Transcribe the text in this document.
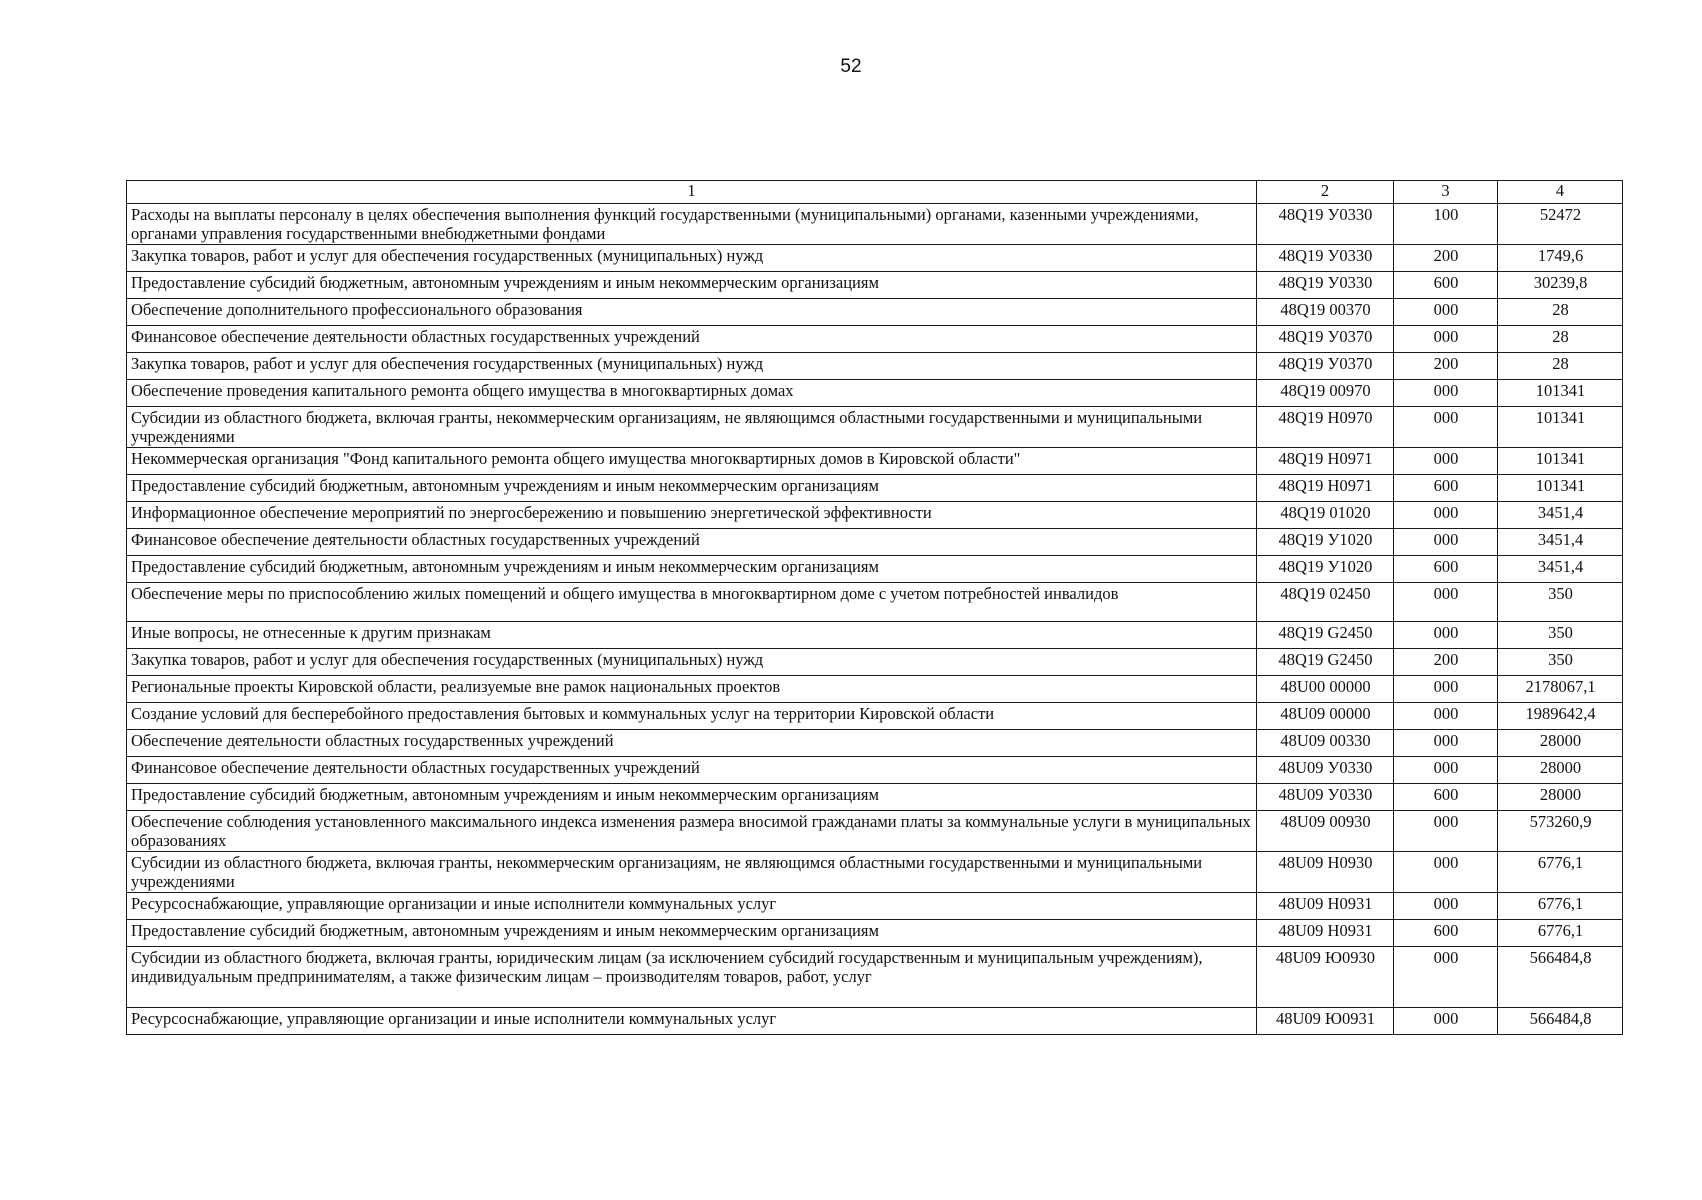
52
1	2	3	4
Расходы на выплаты персоналу в целях обеспечения выполнения функций государственными (муниципальными) органами, казенными учреждениями, органами управления государственными внебюджетными фондами	48Q19 У0330	100	52472
Закупка товаров, работ и услуг для обеспечения государственных (муниципальных) нужд	48Q19 У0330	200	1749,6
Предоставление субсидий бюджетным, автономным учреждениям и иным некоммерческим организациям	48Q19 У0330	600	30239,8
Обеспечение дополнительного профессионального образования	48Q19 00370	000	28
Финансовое обеспечение деятельности областных государственных учреждений	48Q19 У0370	000	28
Закупка товаров, работ и услуг для обеспечения государственных (муниципальных) нужд	48Q19 У0370	200	28
Обеспечение проведения капитального ремонта общего имущества в многоквартирных домах	48Q19 00970	000	101341
Субсидии из областного бюджета, включая гранты, некоммерческим организациям, не являющимся областными государственными и муниципальными учреждениями	48Q19 Н0970	000	101341
Некоммерческая организация "Фонд капитального ремонта общего имущества многоквартирных домов в Кировской области"	48Q19 Н0971	000	101341
Предоставление субсидий бюджетным, автономным учреждениям и иным некоммерческим организациям	48Q19 Н0971	600	101341
Информационное обеспечение мероприятий по энергосбережению и повышению энергетической эффективности	48Q19 01020	000	3451,4
Финансовое обеспечение деятельности областных государственных учреждений	48Q19 У1020	000	3451,4
Предоставление субсидий бюджетным, автономным учреждениям и иным некоммерческим организациям	48Q19 У1020	600	3451,4
Обеспечение меры по приспособлению жилых помещений и общего имущества в многоквартирном доме с учетом потребностей инвалидов	48Q19 02450	000	350
Иные вопросы, не отнесенные к другим признакам	48Q19 G2450	000	350
Закупка товаров, работ и услуг для обеспечения государственных (муниципальных) нужд	48Q19 G2450	200	350
Региональные проекты Кировской области, реализуемые вне рамок национальных проектов	48U00 00000	000	2178067,1
Создание условий для бесперебойного предоставления бытовых и коммунальных услуг на территории Кировской области	48U09 00000	000	1989642,4
Обеспечение деятельности областных государственных учреждений	48U09 00330	000	28000
Финансовое обеспечение деятельности областных государственных учреждений	48U09 У0330	000	28000
Предоставление субсидий бюджетным, автономным учреждениям и иным некоммерческим организациям	48U09 У0330	600	28000
Обеспечение соблюдения установленного максимального индекса изменения размера вносимой гражданами платы за коммунальные услуги в муниципальных образованиях	48U09 00930	000	573260,9
Субсидии из областного бюджета, включая гранты, некоммерческим организациям, не являющимся областными государственными и муниципальными учреждениями	48U09 Н0930	000	6776,1
Ресурсоснабжающие, управляющие организации и иные исполнители коммунальных услуг	48U09 Н0931	000	6776,1
Предоставление субсидий бюджетным, автономным учреждениям и иным некоммерческим организациям	48U09 Н0931	600	6776,1
Субсидии из областного бюджета, включая гранты, юридическим лицам (за исключением субсидий государственным и муниципальным учреждениям), индивидуальным предпринимателям, а также физическим лицам – производителям товаров, работ, услуг	48U09 Ю0930	000	566484,8
Ресурсоснабжающие, управляющие организации и иные исполнители коммунальных услуг	48U09 Ю0931	000	566484,8
